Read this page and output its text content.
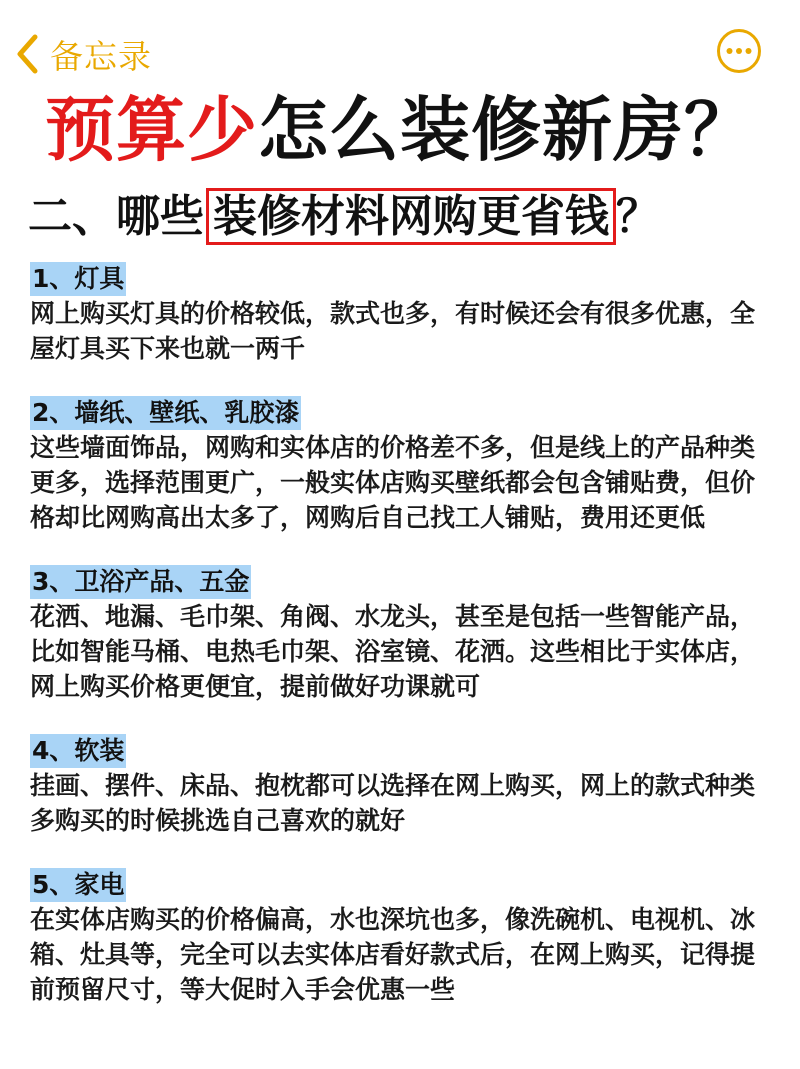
备忘录
预算少怎么装修新房？
二、哪些 装修材料网购更省钱 ？
1、灯具
网上购买灯具的价格较低，款式也多，有时候还会有很多优惠，全屋灯具买下来也就一两千
2、墙纸、壁纸、乳胶漆
这些墙面饰品，网购和实体店的价格差不多，但是线上的产品种类更多，选择范围更广，一般实体店购买壁纸都会包含铺贴费，但价格却比网购高出太多了，网购后自己找工人铺贴，费用还更低
3、卫浴产品、五金
花洒、地漏、毛巾架、角阀、水龙头，甚至是包括一些智能产品，比如智能马桶、电热毛巾架、浴室镜、花洒。这些相比于实体店，网上购买价格更便宜，提前做好功课就可
4、软装
挂画、摆件、床品、抱枕都可以选择在网上购买，网上的款式种类多购买的时候挑选自己喜欢的就好
5、家电
在实体店购买的价格偏高，水也深坑也多，像洗碗机、电视机、冰箱、灶具等，完全可以去实体店看好款式后，在网上购买，记得提前预留尺寸，等大促时入手会优惠一些
